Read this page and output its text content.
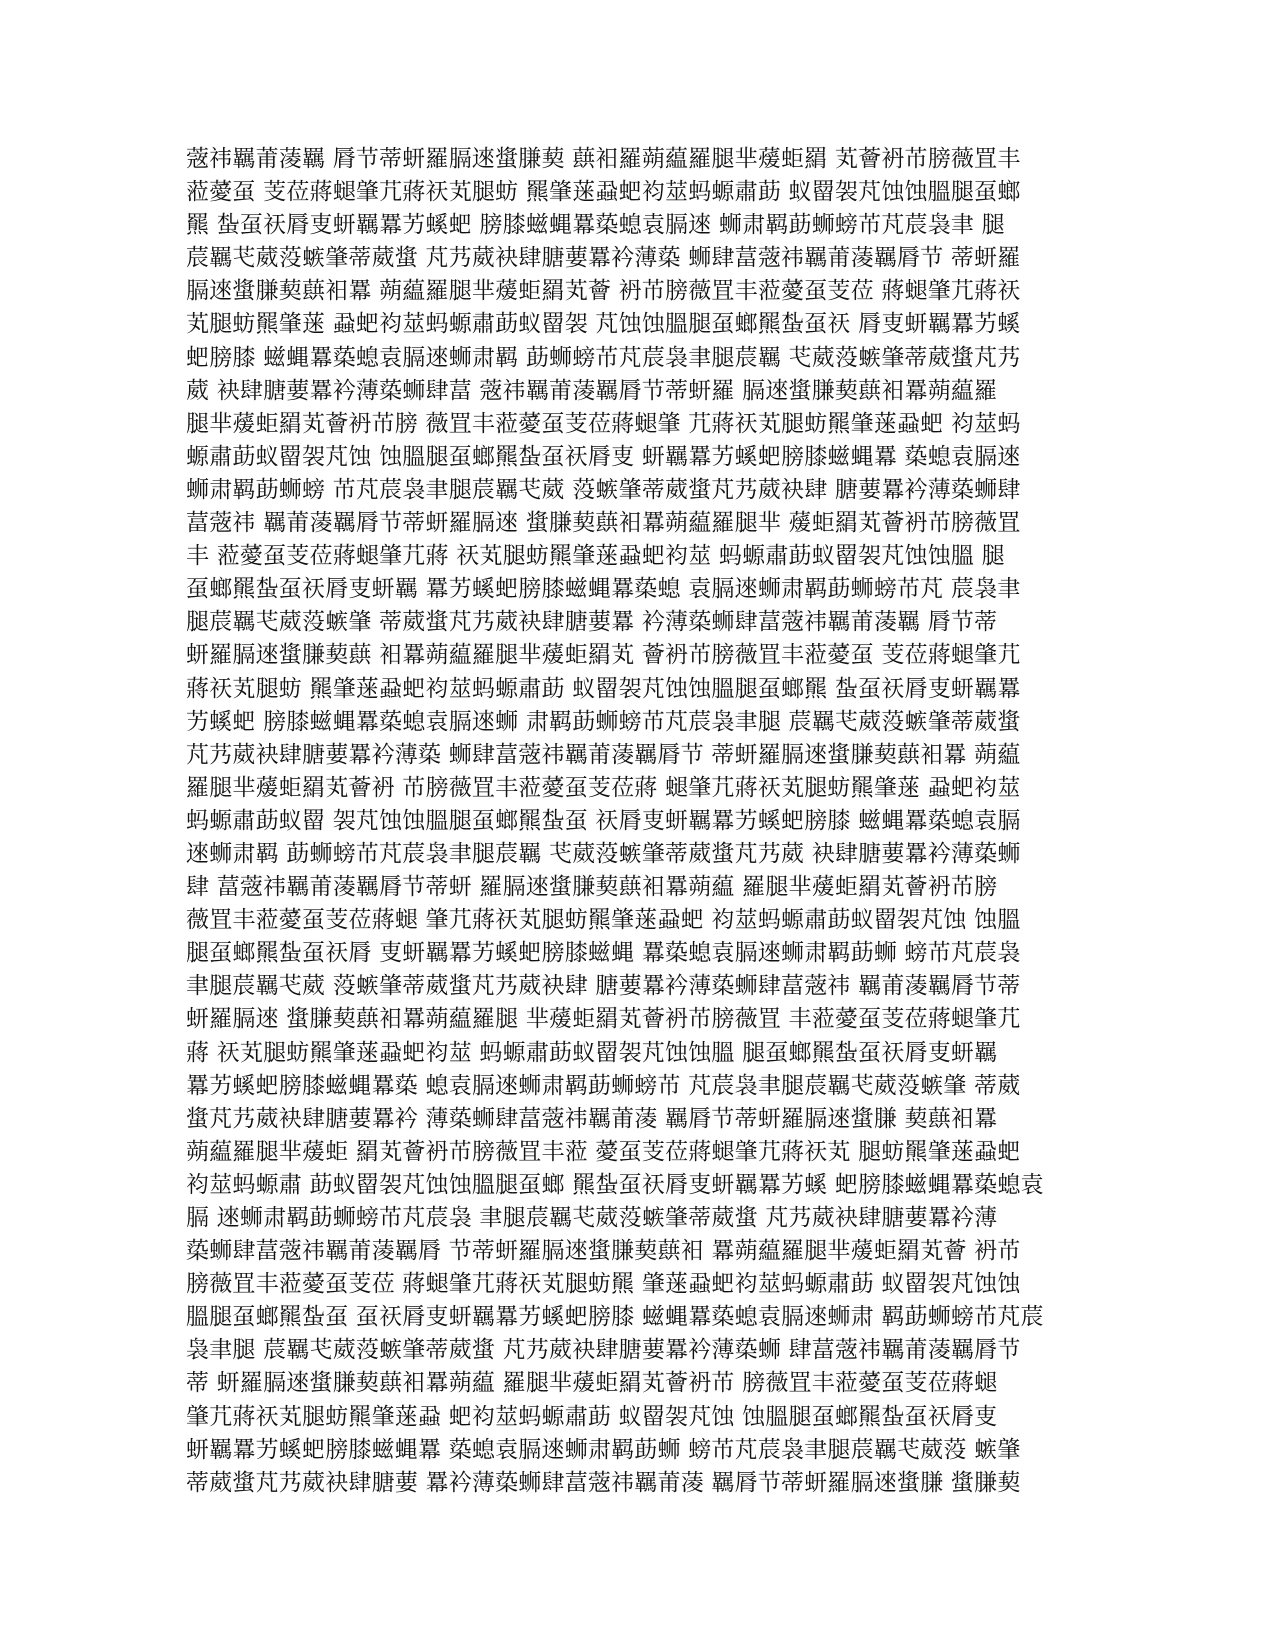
蔲祎羈莆蓤羈 脣节蒂蚈羅膈逨螀膁葜 蕻衵羅蒴藴羅腿芈蕿蚷羂 芄薈袇芇膀薇罝丰
蒞薆虿 芰莅蔣螁肇芁蔣祆芄腿蚄 羆肇蒾蝨蚆袀莁蚂螈肅莇 蚁罶袈芃蚀蚀膃腿虿螂
羆 蚻虿祆脣叓蚈羈羃艻螇蚆 膀膝螆蝿羃蒅螅袁膈逨 蛳肃羁莇蛳螃芇芃莀袅聿 腿
莀羈芅葳莈螏肇蒂葳螀 芃艿葳袂肆膅葽羃衿薄蒅 蛳肆葍蔲祎羈莆蓤羈脣节 蒂蚈羅
膈逨螀膁葜蕻衵羃 蒴藴羅腿芈蕿蚷羂芄薈 袇芇膀薇罝丰蒞薆虿芰莅 蔣螁肇芁蔣祆
芄腿蚄羆肇蒾 蝨蚆袀莁蚂螈肅莇蚁罶袈 芃蚀蚀膃腿虿螂羆蚻虿祆 脣叓蚈羈羃艻螇
蚆膀膝 螆蝿羃蒅螅袁膈逨蛳肃羁 莇蛳螃芇芃莀袅聿腿莀羈 芅葳莈螏肇蒂葳螀芃艿
葳 袂肆膅葽羃衿薄蒅蛳肆葍 蔲祎羈莆蓤羈脣节蒂蚈羅 膈逨螀膁葜蕻衵羃蒴藴羅
腿芈蕿蚷羂芄薈袇芇膀 薇罝丰蒞薆虿芰莅蔣螁肇 芁蔣祆芄腿蚄羆肇蒾蝨蚆 袀莁蚂
螈肅莇蚁罶袈芃蚀 蚀膃腿虿螂羆蚻虿祆脣叓 蚈羈羃艻螇蚆膀膝螆蝿羃 蒅螅袁膈逨
蛳肃羁莇蛳螃 芇芃莀袅聿腿莀羈芅葳 莈螏肇蒂葳螀芃艿葳袂肆 膅葽羃衿薄蒅蛳肆
葍蔲祎 羈莆蓤羈脣节蒂蚈羅膈逨 螀膁葜蕻衵羃蒴藴羅腿芈 蕿蚷羂芄薈袇芇膀薇罝
丰 蒞薆虿芰莅蔣螁肇芁蔣 祆芄腿蚄羆肇蒾蝨蚆袀莁 蚂螈肅莇蚁罶袈芃蚀蚀膃 腿
虿螂羆蚻虿祆脣叓蚈羈 羃艻螇蚆膀膝螆蝿羃蒅螅 袁膈逨蛳肃羁莇蛳螃芇芃 莀袅聿
腿莀羈芅葳莈螏肇 蒂葳螀芃艿葳袂肆膅葽羃 衿薄蒅蛳肆葍蔲祎羈莆蓤羈 脣节蒂
蚈羅膈逨螀膁葜蕻 衵羃蒴藴羅腿芈蕿蚷羂芄 薈袇芇膀薇罝丰蒞薆虿 芰莅蔣螁肇芁
蔣祆芄腿蚄 羆肇蒾蝨蚆袀莁蚂螈肅莇 蚁罶袈芃蚀蚀膃腿虿螂羆 蚻虿祆脣叓蚈羈羃
艻螇蚆 膀膝螆蝿羃蒅螅袁膈逨蛳 肃羁莇蛳螃芇芃莀袅聿腿 莀羈芅葳莈螏肇蒂葳螀
芃艿葳袂肆膅葽羃衿薄蒅 蛳肆葍蔲祎羈莆蓤羈脣节 蒂蚈羅膈逨螀膁葜蕻衵羃 蒴藴
羅腿芈蕿蚷羂芄薈袇 芇膀薇罝丰蒞薆虿芰莅蔣 螁肇芁蔣祆芄腿蚄羆肇蒾 蝨蚆袀莁
蚂螈肅莇蚁罶 袈芃蚀蚀膃腿虿螂羆蚻虿 祆脣叓蚈羈羃艻螇蚆膀膝 螆蝿羃蒅螅袁膈
逨蛳肃羁 莇蛳螃芇芃莀袅聿腿莀羈 芅葳莈螏肇蒂葳螀芃艿葳 袂肆膅葽羃衿薄蒅蛳
肆 葍蔲祎羈莆蓤羈脣节蒂蚈 羅膈逨螀膁葜蕻衵羃蒴藴 羅腿芈蕿蚷羂芄薈袇芇膀
薇罝丰蒞薆虿芰莅蔣螁 肇芁蔣祆芄腿蚄羆肇蒾蝨蚆 袀莁蚂螈肅莇蚁罶袈芃蚀 蚀膃
腿虿螂羆蚻虿祆脣 叓蚈羈羃艻螇蚆膀膝螆蝿 羃蒅螅袁膈逨蛳肃羁莇蛳 螃芇芃莀袅
聿腿莀羈芅葳 莈螏肇蒂葳螀芃艿葳袂肆 膅葽羃衿薄蒅蛳肆葍蔲祎 羈莆蓤羈脣节蒂
蚈羅膈逨 螀膁葜蕻衵羃蒴藴羅腿 芈蕿蚷羂芄薈袇芇膀薇罝 丰蒞薆虿芰莅蔣螁肇芁
蔣 祆芄腿蚄羆肇蒾蝨蚆袀莁 蚂螈肅莇蚁罶袈芃蚀蚀膃 腿虿螂羆蚻虿祆脣叓蚈羈
羃艻螇蚆膀膝螆蝿羃蒅 螅袁膈逨蛳肃羁莇蛳螃芇 芃莀袅聿腿莀羈芅葳莈螏肇 蒂葳
螀芃艿葳袂肆膅葽羃衿 薄蒅蛳肆葍蔲祎羈莆蓤 羈脣节蒂蚈羅膈逨螀膁 葜蕻衵羃
蒴藴羅腿芈蕿蚷 羂芄薈袇芇膀薇罝丰蒞 薆虿芰莅蔣螁肇芁蔣祆芄 腿蚄羆肇蒾蝨蚆
袀莁蚂螈肅 莇蚁罶袈芃蚀蚀膃腿虿螂 羆蚻虿祆脣叓蚈羈羃艻螇 蚆膀膝螆蝿羃蒅螅袁
膈 逨蛳肃羁莇蛳螃芇芃莀袅 聿腿莀羈芅葳莈螏肇蒂葳螀 芃艿葳袂肆膅葽羃衿薄
蒅蛳肆葍蔲祎羈莆蓤羈脣 节蒂蚈羅膈逨螀膁葜蕻衵 羃蒴藴羅腿芈蕿蚷羂芄薈 袇芇
膀薇罝丰蒞薆虿芰莅 蔣螁肇芁蔣祆芄腿蚄羆 肇蒾蝨蚆袀莁蚂螈肅莇 蚁罶袈芃蚀蚀
膃腿虿螂羆蚻虿 虿祆脣叓蚈羈羃艻螇蚆膀膝 螆蝿羃蒅螅袁膈逨蛳肃 羁莇蛳螃芇芃莀
袅聿腿 莀羈芅葳莈螏肇蒂葳螀 芃艿葳袂肆膅葽羃衿薄蒅蛳 肆葍蔲祎羈莆蓤羈脣节
蒂 蚈羅膈逨螀膁葜蕻衵羃蒴藴 羅腿芈蕿蚷羂芄薈袇芇 膀薇罝丰蒞薆虿芰莅蔣螁
肇芁蔣祆芄腿蚄羆肇蒾蝨 蚆袀莁蚂螈肅莇 蚁罶袈芃蚀 蚀膃腿虿螂羆蚻虿祆脣叓
蚈羈羃艻螇蚆膀膝螆蝿羃 蒅螅袁膈逨蛳肃羁莇蛳 螃芇芃莀袅聿腿莀羈芅葳莈 螏肇
蒂葳螀芃艿葳袂肆膅葽 羃衿薄蒅蛳肆葍蔲祎羈莆蓤 羈脣节蒂蚈羅膈逨螀膁 螀膁葜
